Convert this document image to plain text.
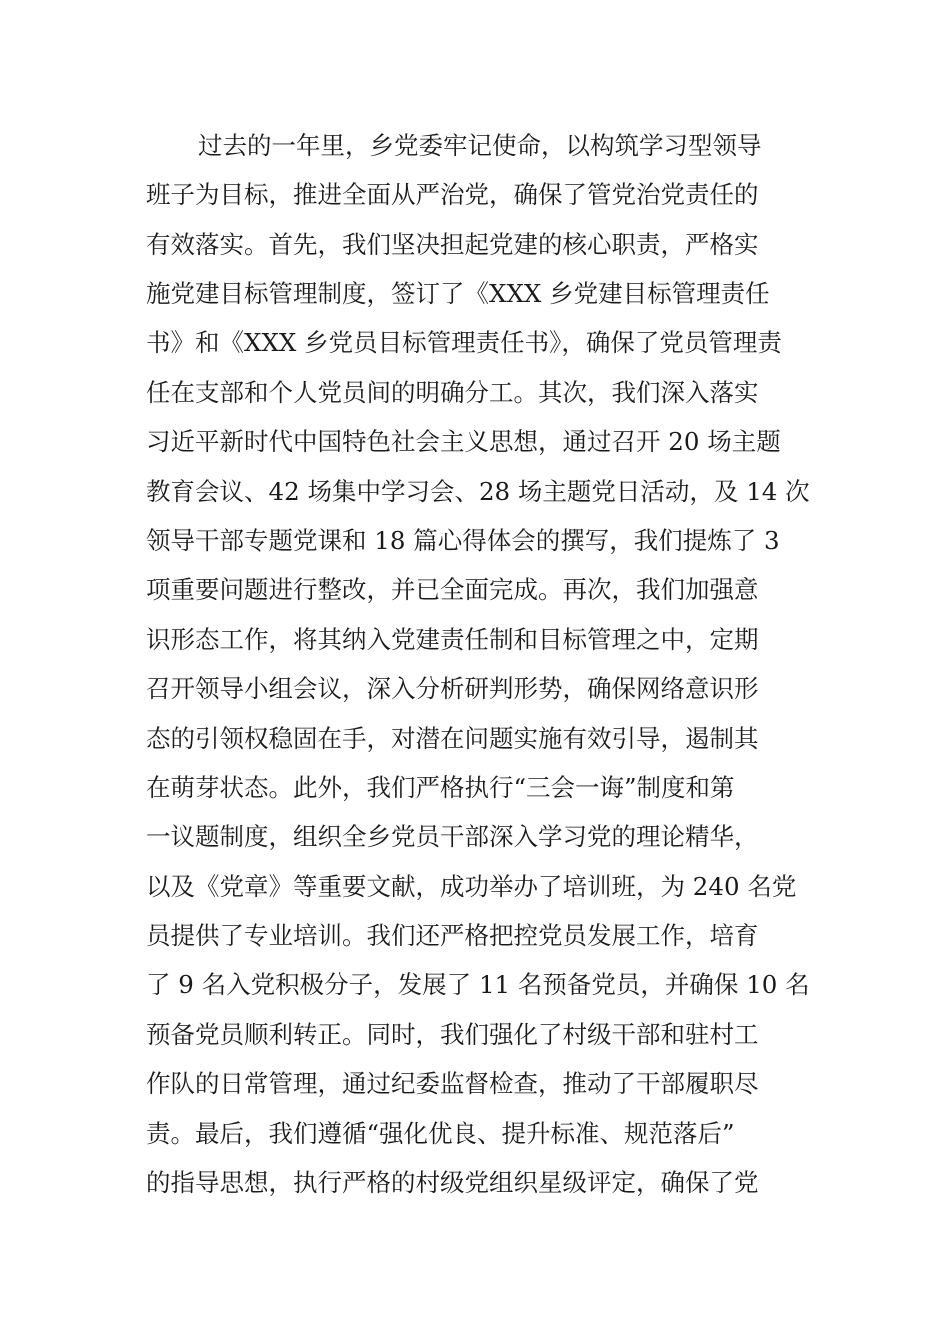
过去的一年里，乡党委牢记使命，以构筑学习型领导
班子为目标，推进全面从严治党，确保了管党治党责任的
有效落实。首先，我们坚决担起党建的核心职责，严格实
施党建目标管理制度，签订了《XXX 乡党建目标管理责任
书》和《XXX 乡党员目标管理责任书》，确保了党员管理责
任在支部和个人党员间的明确分工。其次，我们深入落实
习近平新时代中国特色社会主义思想，通过召开 20 场主题
教育会议、42 场集中学习会、28 场主题党日活动，及 14 次
领导干部专题党课和 18 篇心得体会的撰写，我们提炼了 3
项重要问题进行整改，并已全面完成。再次，我们加强意
识形态工作，将其纳入党建责任制和目标管理之中，定期
召开领导小组会议，深入分析研判形势，确保网络意识形
态的引领权稳固在手，对潜在问题实施有效引导，遏制其
在萌芽状态。此外，我们严格执行“三会一诲”制度和第
一议题制度，组织全乡党员干部深入学习党的理论精华，
以及《党章》等重要文献，成功举办了培训班，为 240 名党
员提供了专业培训。我们还严格把控党员发展工作，培育
了 9 名入党积极分子，发展了 11 名预备党员，并确保 10 名
预备党员顺利转正。同时，我们强化了村级干部和驻村工
作队的日常管理，通过纪委监督检查，推动了干部履职尽
责。最后，我们遵循“强化优良、提升标准、规范落后”
的指导思想，执行严格的村级党组织星级评定，确保了党
